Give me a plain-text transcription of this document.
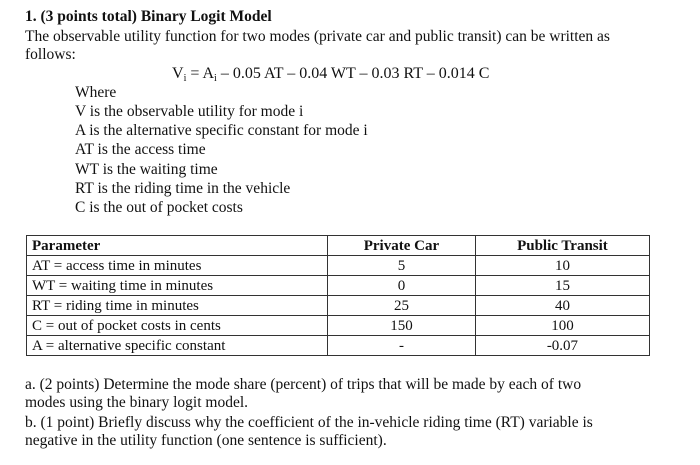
1. (3 points total) Binary Logit Model
The observable utility function for two modes (private car and public transit) can be written as
follows:
Vi = Ai – 0.05 AT – 0.04 WT – 0.03 RT – 0.014 C
Where
V is the observable utility for mode i
A is the alternative specific constant for mode i
AT is the access time
WT is the waiting time
RT is the riding time in the vehicle
C is the out of pocket costs
Parameter	Private Car	Public Transit
AT = access time in minutes	5	10
WT = waiting time in minutes	0	15
RT = riding time in minutes	25	40
C = out of pocket costs in cents	150	100
A = alternative specific constant	-	-0.07
a. (2 points) Determine the mode share (percent) of trips that will be made by each of two
modes using the binary logit model.
b. (1 point) Briefly discuss why the coefficient of the in-vehicle riding time (RT) variable is
negative in the utility function (one sentence is sufficient).
